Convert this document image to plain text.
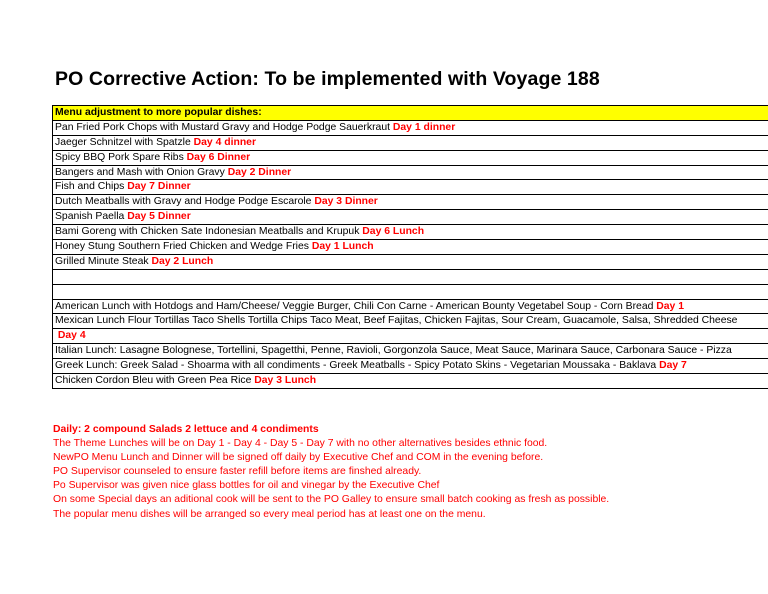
PO Corrective Action: To be implemented with Voyage 188
Menu adjustment to more popular dishes:
Pan Fried Pork Chops with Mustard Gravy and Hodge Podge Sauerkraut Day 1 dinner
Jaeger Schnitzel with Spatzle Day 4 dinner
Spicy BBQ Pork Spare Ribs Day 6 Dinner
Bangers and Mash with Onion Gravy Day 2 Dinner
Fish and Chips Day 7 Dinner
Dutch Meatballs with Gravy and Hodge Podge Escarole Day 3 Dinner
Spanish Paella Day 5 Dinner
Bami Goreng with Chicken Sate Indonesian Meatballs and Krupuk Day 6 Lunch
Honey Stung Southern Fried Chicken and Wedge Fries Day 1 Lunch
Grilled Minute Steak Day 2 Lunch
American Lunch with Hotdogs and Ham/Cheese/ Veggie Burger, Chili Con Carne - American Bounty Vegetabel Soup - Corn Bread Day 1
Mexican Lunch Flour Tortillas Taco Shells Tortilla Chips Taco Meat, Beef Fajitas, Chicken Fajitas, Sour Cream, Guacamole, Salsa, Shredded Cheese
Day 4
Italian Lunch: Lasagne Bolognese, Tortellini, Spagetthi, Penne, Ravioli, Gorgonzola Sauce, Meat Sauce, Marinara Sauce, Carbonara Sauce - Pizza
Greek Lunch: Greek Salad - Shoarma with all condiments - Greek Meatballs - Spicy Potato Skins - Vegetarian Moussaka - Baklava Day 7
Chicken Cordon Bleu with Green Pea Rice Day 3 Lunch
Daily: 2 compound Salads 2 lettuce and 4 condiments
The Theme Lunches will be on Day 1 - Day 4 - Day 5 - Day 7 with no other alternatives besides ethnic food.
NewPO Menu Lunch and Dinner will be signed off daily by Executive Chef and COM in the evening before.
PO Supervisor counseled to ensure faster refill before items are finshed already.
Po Supervisor was given nice glass bottles for oil and vinegar by the Executive Chef
On some Special days an aditional cook will be sent to the PO Galley to ensure small batch cooking as fresh as possible.
The popular menu dishes will be arranged so every meal period has at least one on the menu.
